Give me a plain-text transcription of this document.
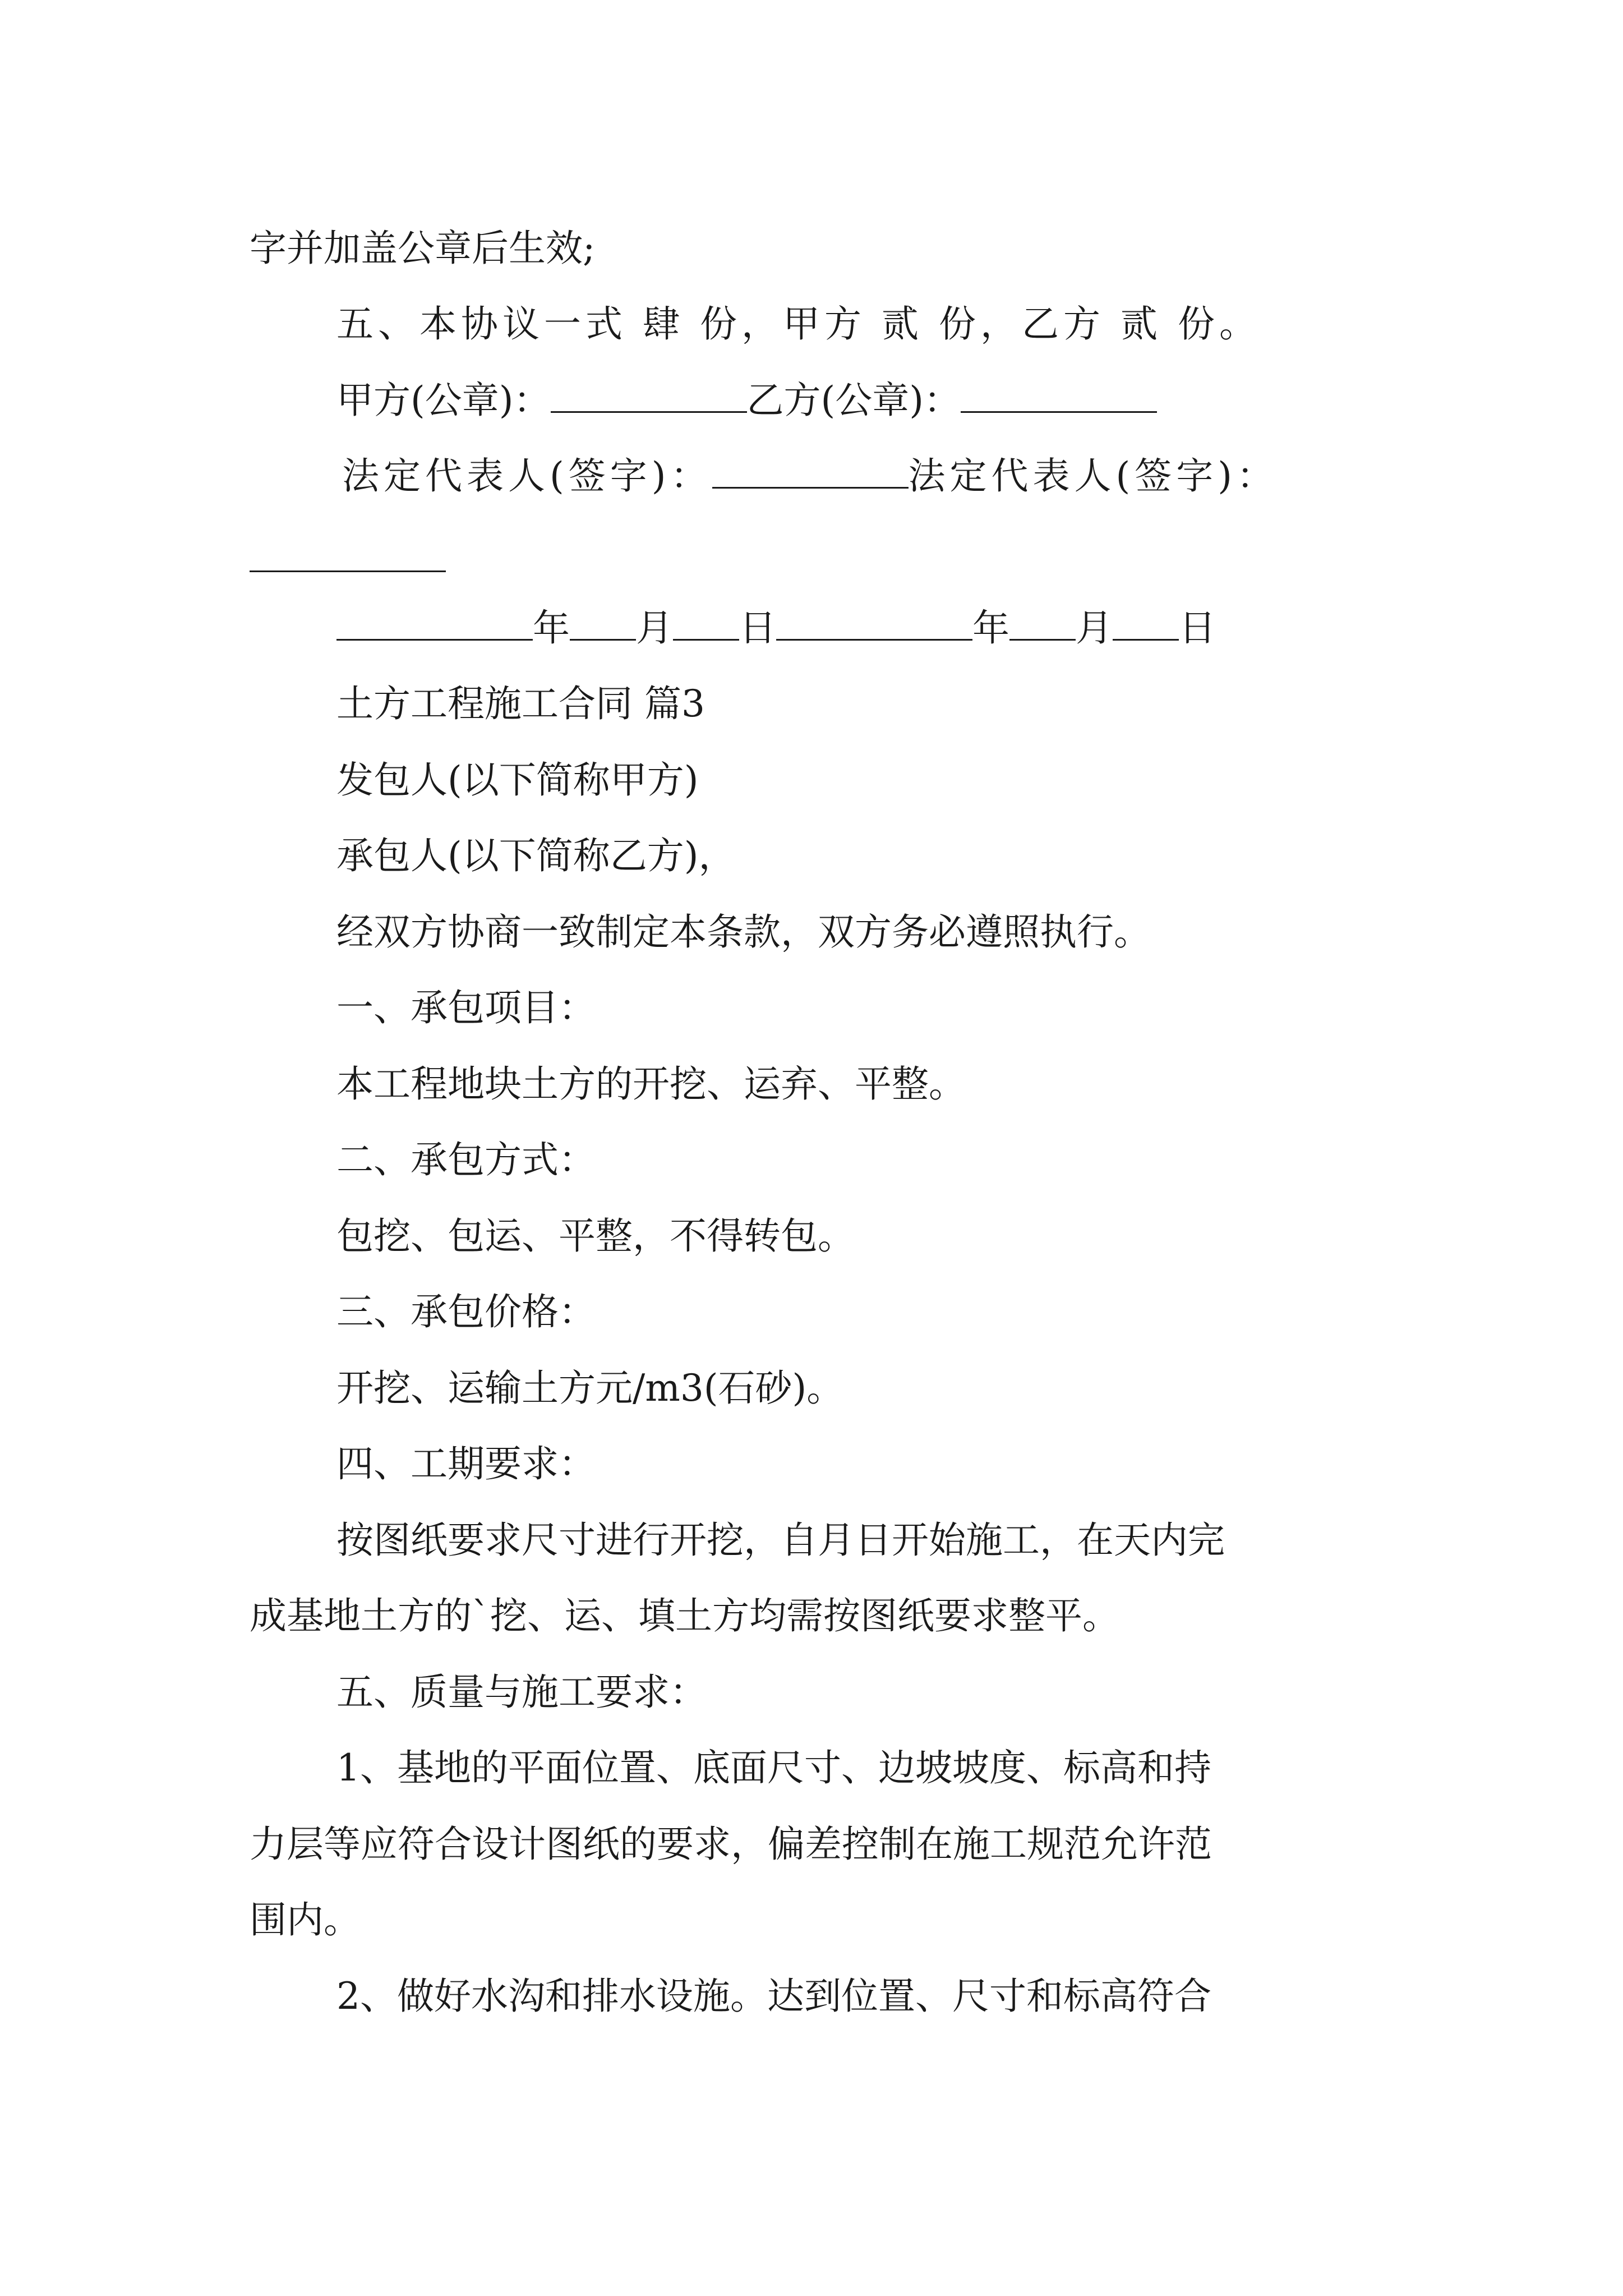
字并加盖公章后生效;
五、本协议一式 肆 份，甲方 贰 份，乙方 贰 份。
甲方(公章)：	乙方(公章)：
法定代表人(签字)：	法定代表人(签字)：
年 月 日	年 月 日
土方工程施工合同 篇3
发包人(以下简称甲方)
承包人(以下简称乙方)，
经双方协商一致制定本条款，双方务必遵照执行。
一、承包项目：
本工程地块土方的开挖、运弃、平整。
二、承包方式：
包挖、包运、平整，不得转包。
三、承包价格：
开挖、运输土方元/m3(石砂)。
四、工期要求：
按图纸要求尺寸进行开挖，自月日开始施工，在天内完
成基地土方的`挖、运、填土方均需按图纸要求整平。
五、质量与施工要求：
1、基地的平面位置、底面尺寸、边坡坡度、标高和持
力层等应符合设计图纸的要求，偏差控制在施工规范允许范
围内。
2、做好水沟和排水设施。达到位置、尺寸和标高符合
